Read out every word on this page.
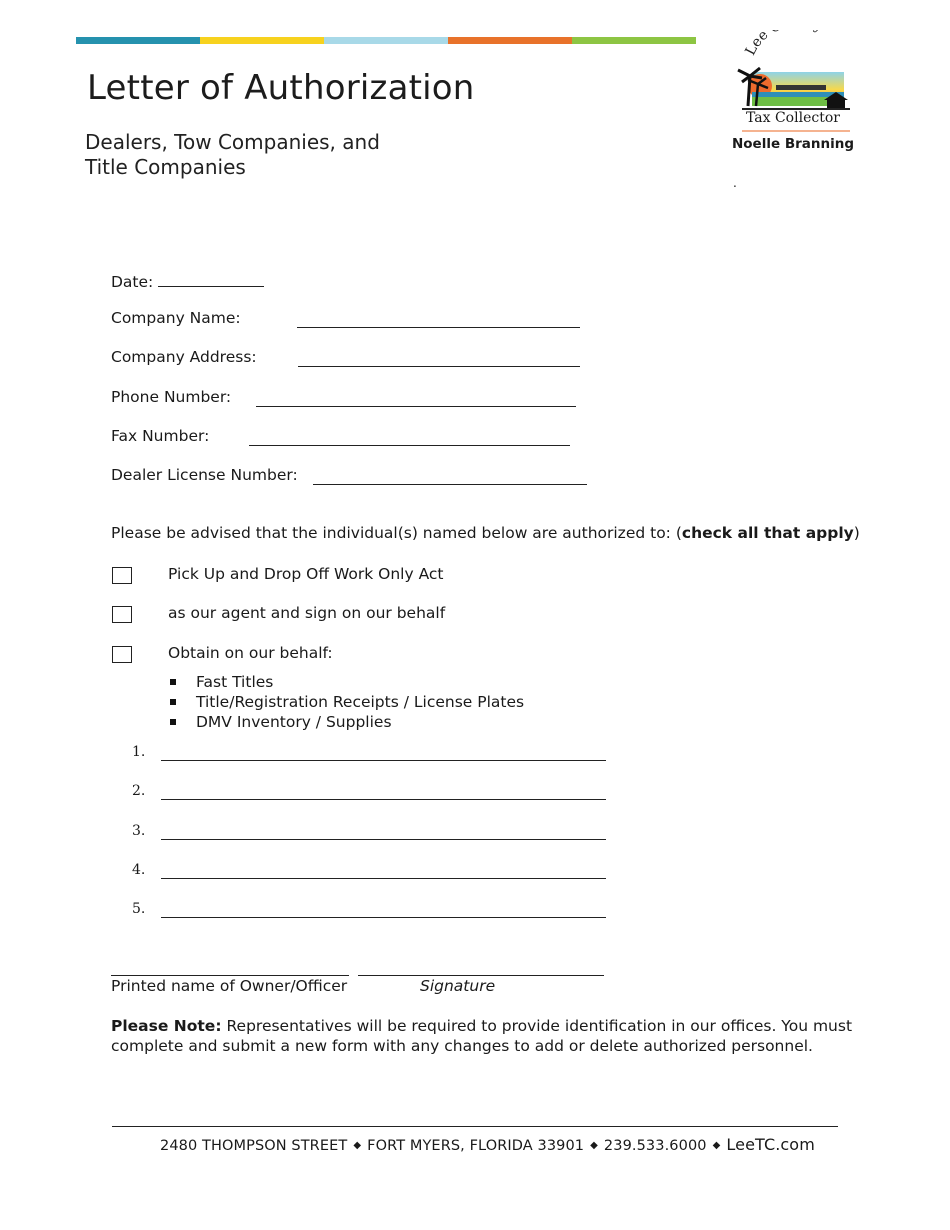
Letter of Authorization
Dealers, Tow Companies, and
Title Companies
Lee
Tax Collector
Noelle Branning
.
Date:
Company Name:
Company Address:
Phone Number:
Fax Number:
Dealer License Number:
Please be advised that the individual(s) named below are authorized to: (check all that apply)
Pick Up and Drop Off Work Only Act
as our agent and sign on our behalf
Obtain on our behalf:
Fast Titles
Title/Registration Receipts / License Plates
DMV Inventory / Supplies
1.
2.
3.
4.
5.
Printed name of Owner/Officer	Signature
Please Note: Representatives will be required to provide identification in our offices. You must complete and submit a new form with any changes to add or delete authorized personnel.
2480 THOMPSON STREET ◆ FORT MYERS, FLORIDA 33901 ◆ 239.533.6000 ◆ LeeTC.com
